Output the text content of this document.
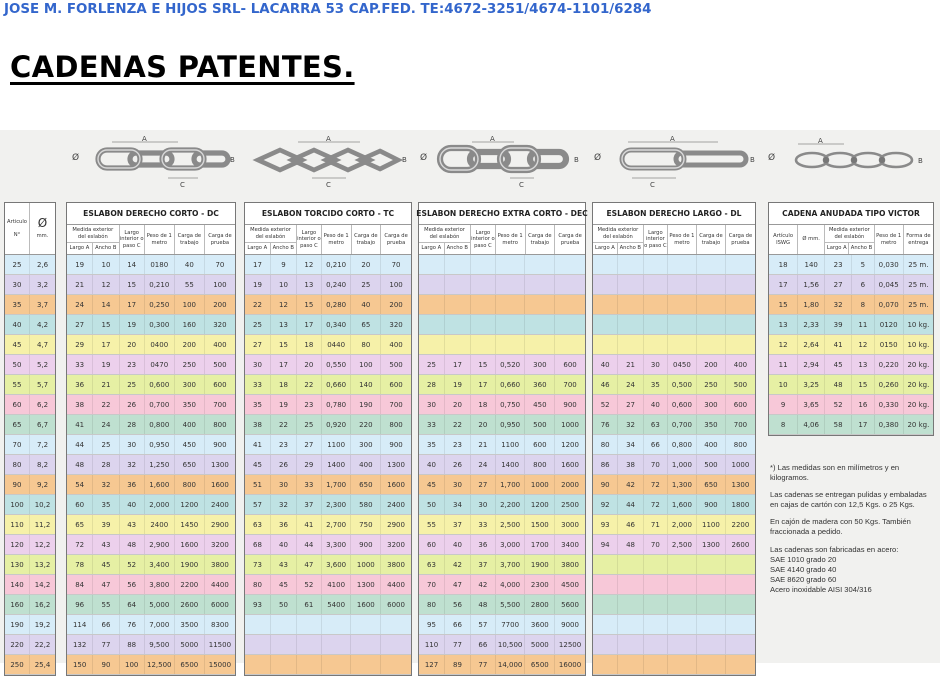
JOSE M. FORLENZA E HIJOS SRL- LACARRA 53 CAP.FED. TE:4672-3251/4674-1101/6284
CADENAS PATENTES.
Ø
A
C
B
A
C
B Ø
A
C
B Ø
A
C
B Ø
A
B
Articulo
N°
Ø
mm.
25	2,6
30	3,2
35	3,7
40	4,2
45	4,7
50	5,2
55	5,7
60	6,2
65	6,7
70	7,2
80	8,2
90	9,2
100	10,2
110	11,2
120	12,2
130	13,2
140	14,2
160	16,2
190	19,2
220	22,2
250	25,4
ESLABON DERECHO CORTO - DC
Medida exterior del eslabón
Largo A	Ancho B
Largo interior o paso C
Peso de 1 metro
Carga de trabajo
Carga de prueba
19	10	14	0180	40	70
21	12	15	0,210	55	100
24	14	17	0,250	100	200
27	15	19	0,300	160	320
29	17	20	0400	200	400
33	19	23	0470	250	500
36	21	25	0,600	300	600
38	22	26	0,700	350	700
41	24	28	0,800	400	800
44	25	30	0,950	450	900
48	28	32	1,250	650	1300
54	32	36	1,600	800	1600
60	35	40	2,000	1200	2400
65	39	43	2400	1450	2900
72	43	48	2,900	1600	3200
78	45	52	3,400	1900	3800
84	47	56	3,800	2200	4400
96	55	64	5,000	2600	6000
114	66	76	7,000	3500	8300
132	77	88	9,500	5000	11500
150	90	100	12,500	6500	15000
ESLABON TORCIDO CORTO - TC
Medida exterior del eslabón
Largo A	Ancho B
Largo interior o paso C
Peso de 1 metro
Carga de trabajo
Carga de prueba
17	9	12	0,210	20	70
19	10	13	0,240	25	100
22	12	15	0,280	40	200
25	13	17	0,340	65	320
27	15	18	0440	80	400
30	17	20	0,550	100	500
33	18	22	0,660	140	600
35	19	23	0,780	190	700
38	22	25	0,920	220	800
41	23	27	1100	300	900
45	26	29	1400	400	1300
51	30	33	1,700	650	1600
57	32	37	2,300	580	2400
63	36	41	2,700	750	2900
68	40	44	3,300	900	3200
73	43	47	3,600	1000	3800
80	45	52	4100	1300	4400
93	50	61	5400	1600	6000
ESLABON DERECHO EXTRA CORTO - DEC
Medida exterior del eslabón
Largo A	Ancho B
Largo interior o paso C
Peso de 1 metro
Carga de trabajo
Carga de prueba
25	17	15	0,520	300	600
28	19	17	0,660	360	700
30	20	18	0,750	450	900
33	22	20	0,950	500	1000
35	23	21	1100	600	1200
40	26	24	1400	800	1600
45	30	27	1,700	1000	2000
50	34	30	2,200	1200	2500
55	37	33	2,500	1500	3000
60	40	36	3,000	1700	3400
63	42	37	3,700	1900	3800
70	47	42	4,000	2300	4500
80	56	48	5,500	2800	5600
95	66	57	7700	3600	9000
110	77	66	10,500	5000	12500
127	89	77	14,000	6500	16000
ESLABON DERECHO LARGO - DL
Medida exterior del eslabón
Largo A Ancho B
Largo interior o paso C
Peso de 1 metro
Carga de trabajo
Carga de prueba
40	21	30	0450	200	400
46	24	35	0,500	250	500
52	27	40	0,600	300	600
76	32	63	0,700	350	700
80	34	66	0,800	400	800
86	38	70	1,000	500	1000
90	42	72	1,300	650	1300
92	44	72	1,600	900	1800
93	46	71	2,000	1100	2200
94	48	70	2,500	1300	2600
CADENA ANUDADA TIPO VICTOR
Artículo ISWG
Ø mm.
Medida exterior del eslabón
Largo A Ancho B
Peso de 1 metro
Forma de entrega
18	140	23	5	0,030	25 m.
17	1,56	27	6	0,045	25 m.
15	1,80	32	8	0,070	25 m.
13	2,33	39	11	0120	10 kg.
12	2,64	41	12	0150	10 kg.
11	2,94	45	13	0,220	20 kg.
10	3,25	48	15	0,260	20 kg.
9	3,65	52	16	0,330	20 kg.
8	4,06	58	17	0,380	20 kg.

*) Las medidas son en milímetros y en kilogramos.

Las cadenas se entregan pulidas y embaladas en cajas de cartón con 12,5 Kgs. o 25 Kgs.

En cajón de madera con 50 Kgs. También fraccionada a pedido.

Las cadenas son fabricadas en acero:

SAE 1010 grado 20
SAE 4140 grado 40
SAE 8620 grado 60
Acero inoxidable AISI 304/316
